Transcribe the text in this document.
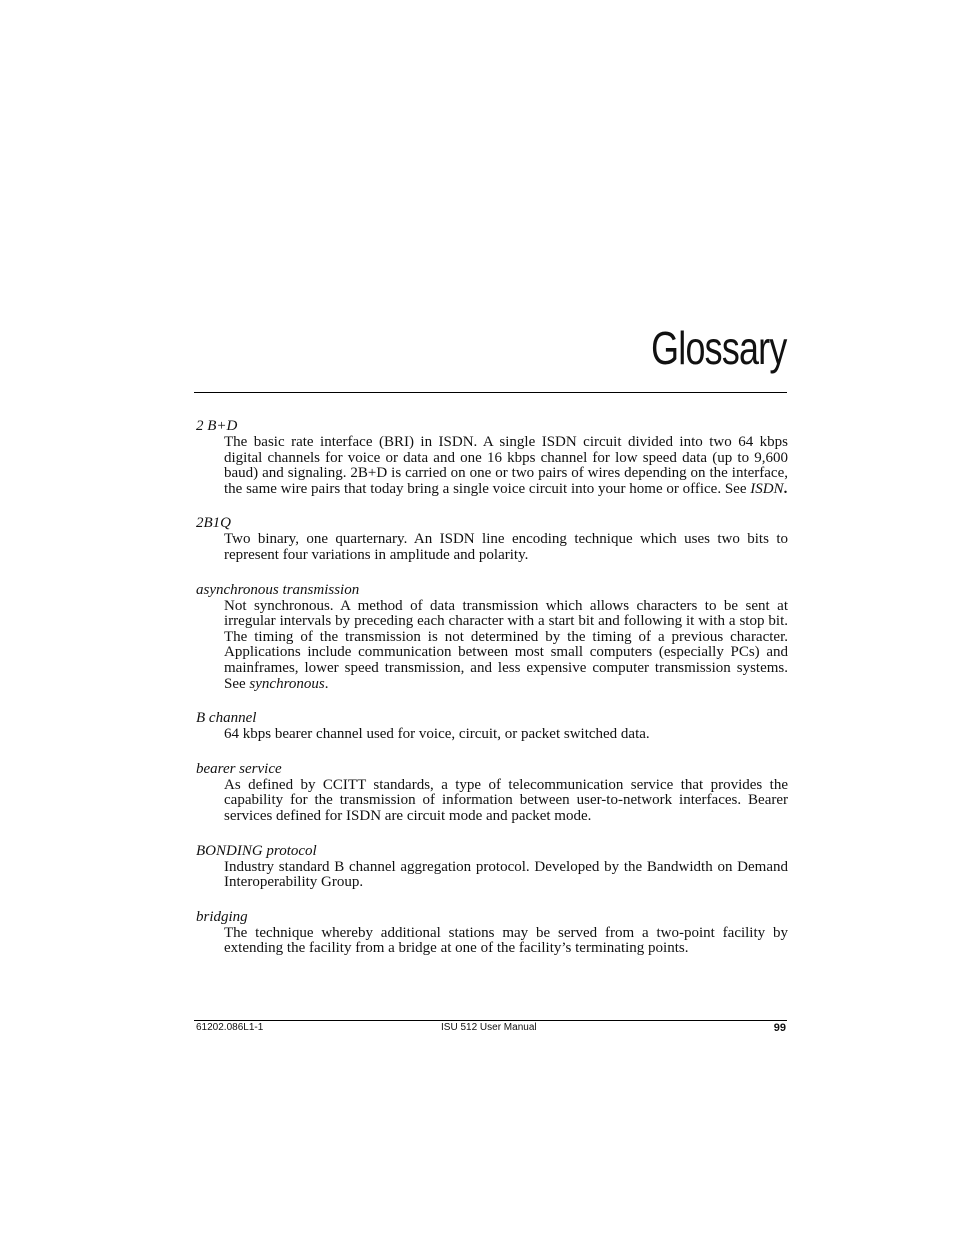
Glossary

2 B+D

The basic rate interface (BRI) in ISDN. A single ISDN circuit divided into two 64 kbps digital channels for voice or data and one 16 kbps channel for low speed data (up to 9,600 baud) and signaling. 2B+D is carried on one or two pairs of wires depending on the interface, the same wire pairs that today bring a single voice circuit into your home or office. See ISDN.

2B1Q

Two binary, one quarternary. An ISDN line encoding technique which uses two bits to represent four variations in amplitude and polarity.

asynchronous transmission

Not synchronous. A method of data transmission which allows characters to be sent at irregular intervals by preceding each character with a start bit and following it with a stop bit. The timing of the transmission is not determined by the timing of a previous character. Applications include communication between most small computers (especially PCs) and mainframes, lower speed transmission, and less expensive computer transmission systems. See synchronous.

B channel

64 kbps bearer channel used for voice, circuit, or packet switched data.

bearer service

As defined by CCITT standards, a type of telecommunication service that provides the capability for the transmission of information between user-to-network interfaces. Bearer services defined for ISDN are circuit mode and packet mode.

BONDING protocol

Industry standard B channel aggregation protocol. Developed by the Bandwidth on Demand Interoperability Group.

bridging

The technique whereby additional stations may be served from a two-point facility by extending the facility from a bridge at one of the facility’s terminating points.

61202.086L1-1	ISU 512 User Manual	99
